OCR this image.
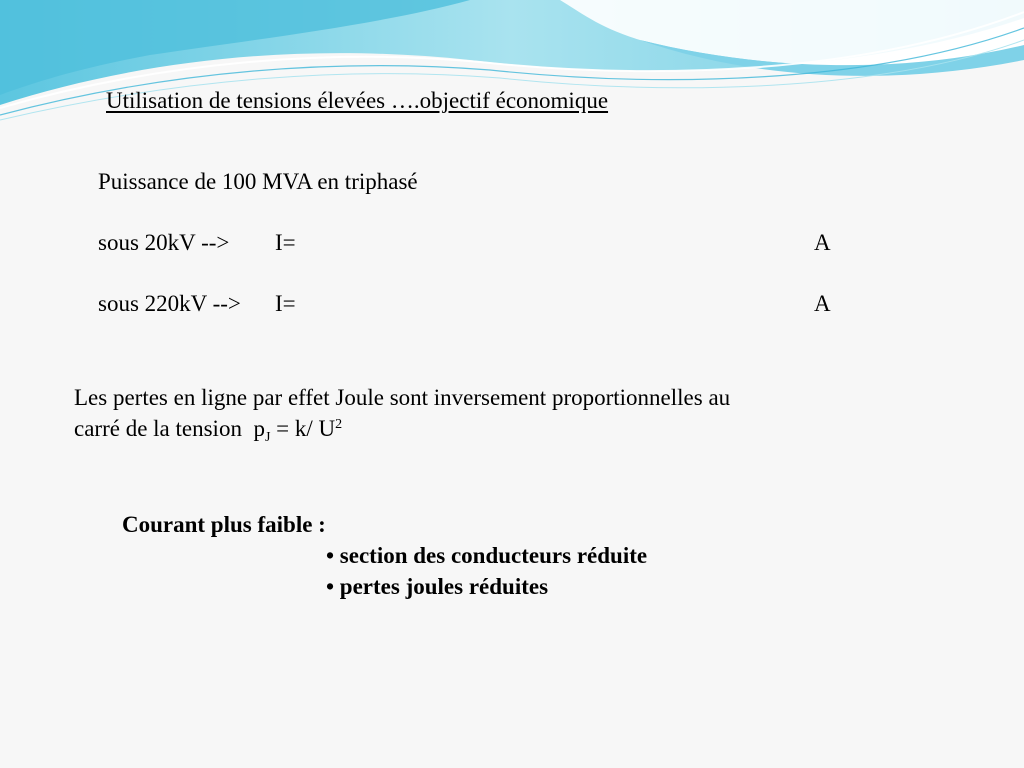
Utilisation de tensions élevées ….objectif économique

Puissance de 100 MVA en triphasé

sous 20kV --> I=	A
sous 220kV --> I=	A
Les pertes en ligne par effet Joule sont inversement proportionnelles au
carré de la tension $p_J = k/$ $U^2$

Courant plus faible :

• section des conducteurs réduite

• pertes joules réduites
